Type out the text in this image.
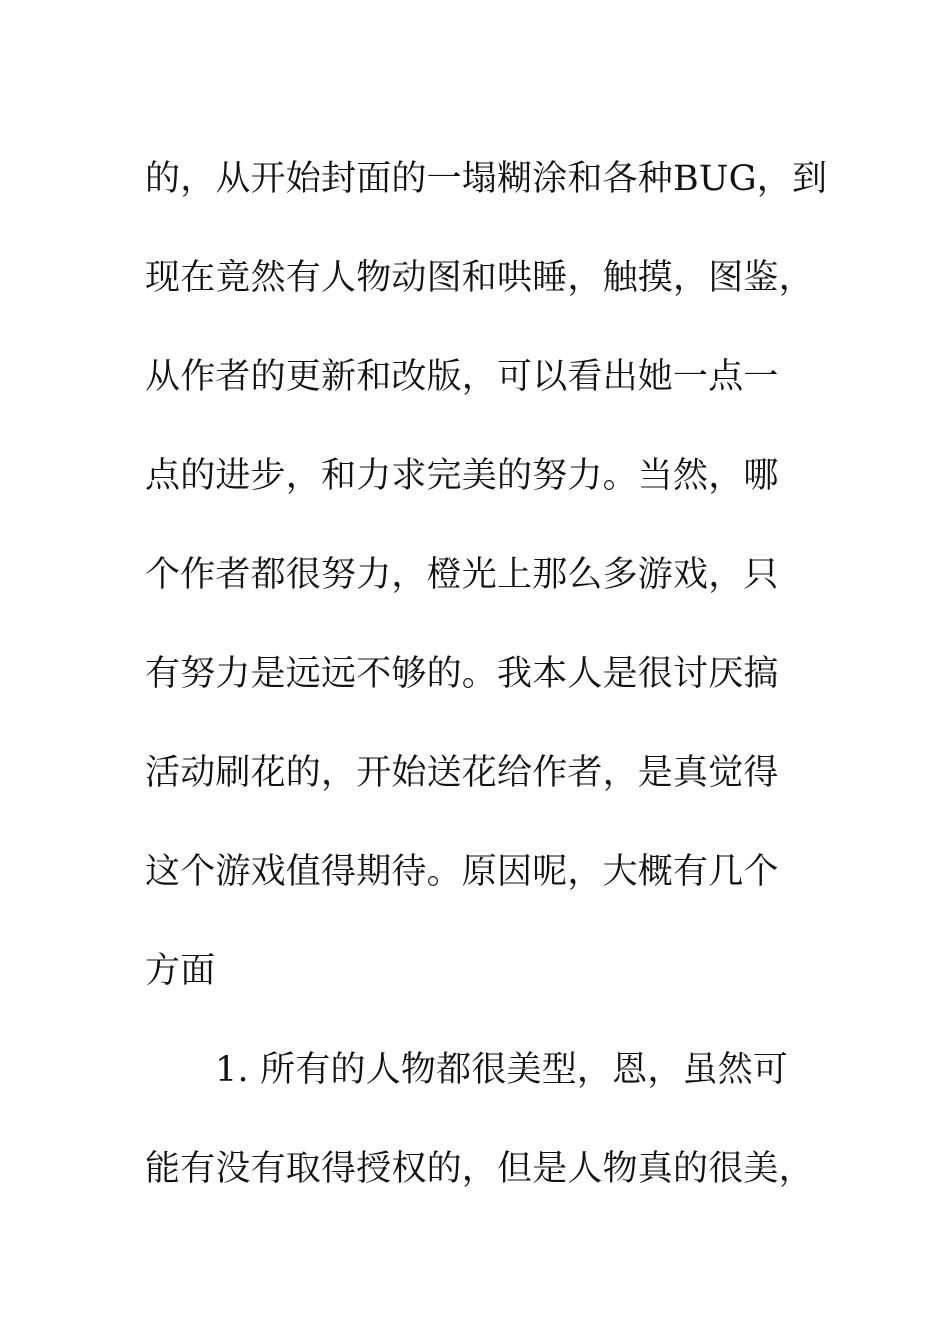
的，从开始封面的一塌糊涂和各种BUG，到
现在竟然有人物动图和哄睡，触摸，图鉴，
从作者的更新和改版，可以看出她一点一
点的进步，和力求完美的努力。当然，哪
个作者都很努力，橙光上那么多游戏，只
有努力是远远不够的。我本人是很讨厌搞
活动刷花的，开始送花给作者，是真觉得
这个游戏值得期待。原因呢，大概有几个
方面
1. 所有的人物都很美型，恩，虽然可
能有没有取得授权的，但是人物真的很美，
